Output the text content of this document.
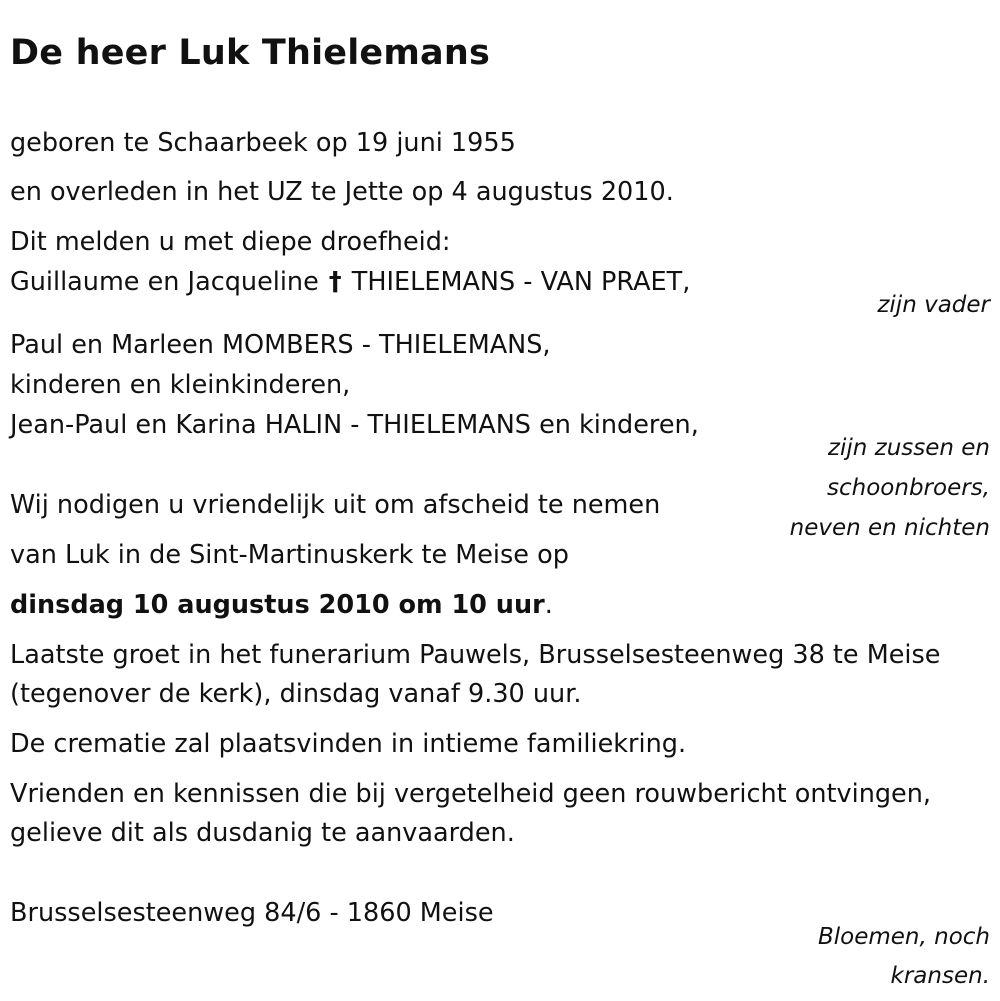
De heer Luk Thielemans

geboren te Schaarbeek op 19 juni 1955

en overleden in het UZ te Jette op 4 augustus 2010.

Dit melden u met diepe droefheid:

Guillaume en Jacqueline † THIELEMANS - VAN PRAET,

zijn vader

Paul en Marleen MOMBERS - THIELEMANS,

kinderen en kleinkinderen,

Jean-Paul en Karina HALIN - THIELEMANS en kinderen,

zijn zussen en

schoonbroers,

neven en nichten

Wij nodigen u vriendelijk uit om afscheid te nemen

van Luk in de Sint-Martinuskerk te Meise op

dinsdag 10 augustus 2010 om 10 uur.

Laatste groet in het funerarium Pauwels, Brusselsesteenweg 38 te Meise

(tegenover de kerk), dinsdag vanaf 9.30 uur.

De crematie zal plaatsvinden in intieme familiekring.

Vrienden en kennissen die bij vergetelheid geen rouwbericht ontvingen,

gelieve dit als dusdanig te aanvaarden.

Brusselsesteenweg 84/6 - 1860 Meise

Bloemen, noch

kransen.
